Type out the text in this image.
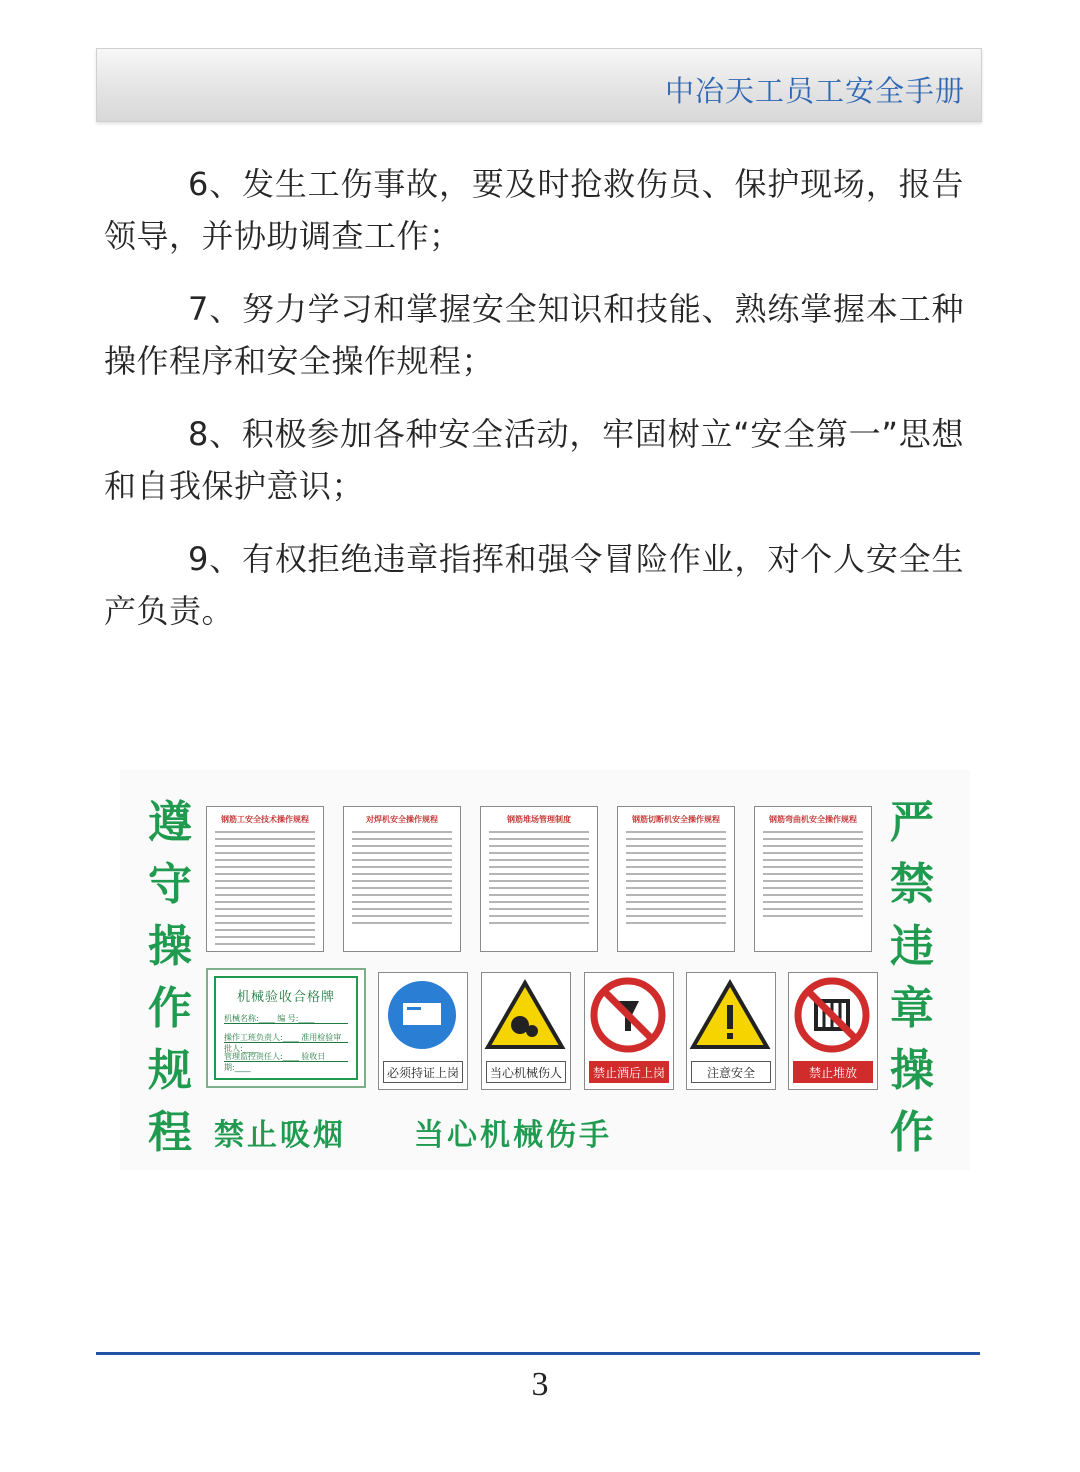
中冶天工员工安全手册

6、发生工伤事故，要及时抢救伤员、保护现场，报告领导，并协助调查工作；

7、努力学习和掌握安全知识和技能、熟练掌握本工种操作程序和安全操作规程；

8、积极参加各种安全活动，牢固树立“安全第一”思想和自我保护意识；

9、有权拒绝违章指挥和强令冒险作业，对个人安全生产负责。

遵
守
操
作
规
程
严
禁
违
章
操
作
钢筋工安全技术操作规程	对焊机安全操作规程	钢筋堆场管理制度	钢筋切断机安全操作规程	钢筋弯曲机安全操作规程
机械验收合格牌
机械名称:____ 编 号:____
操作工班负责人:____ 准用检验审批人:____
管理监控责任人:____ 验收日期:____	必须持证上岗	当心机械伤人	禁止酒后上岗	注意安全	禁止堆放
禁止吸烟 当心机械伤手
3
